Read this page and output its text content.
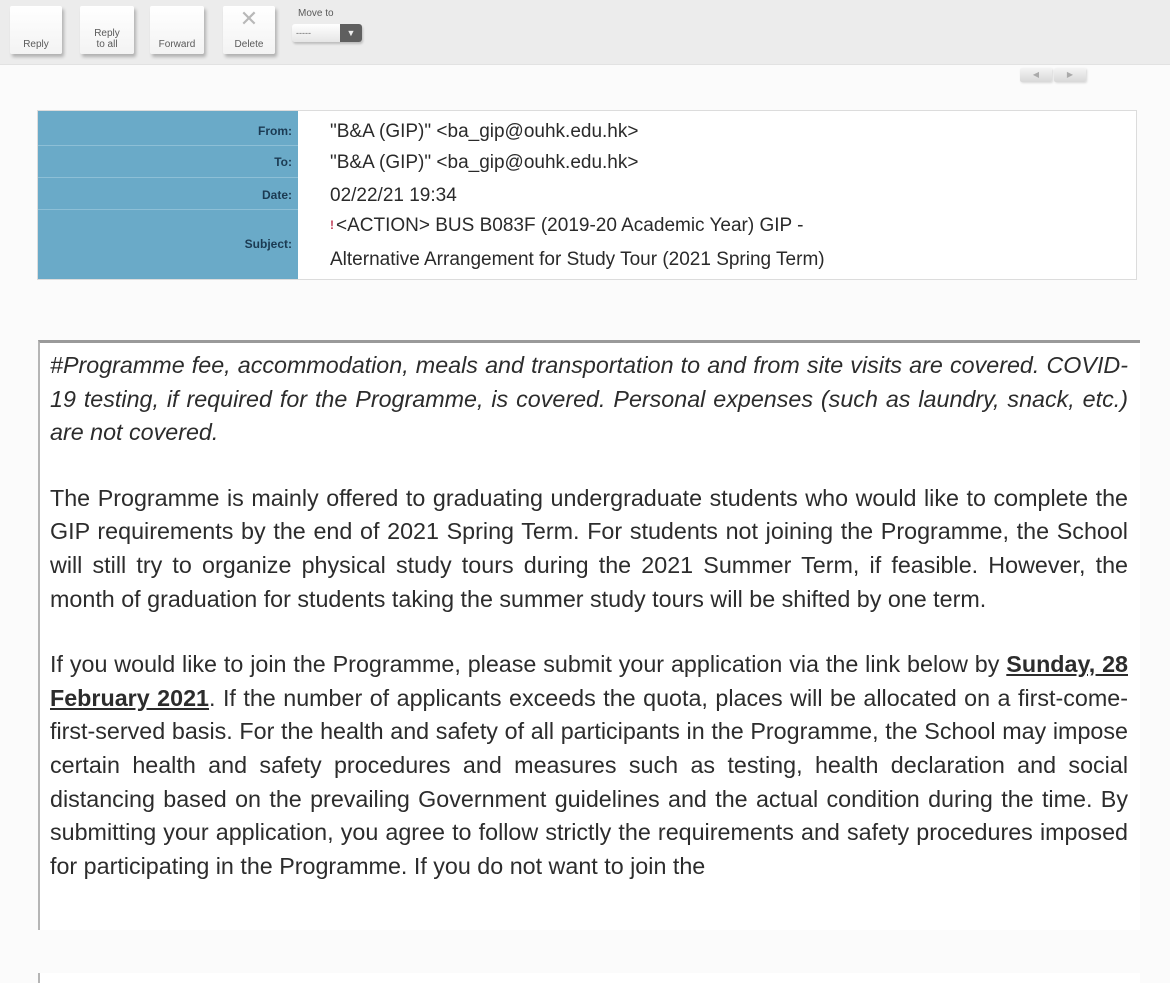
Reply
Reply
to all	Forward
✕
Delete
Move to
-----	▼
◀	▶
From: "B&A (GIP)" <ba_gip@ouhk.edu.hk>
To: "B&A (GIP)" <ba_gip@ouhk.edu.hk>
Date: 02/22/21 19:34
Subject:
! <ACTION> BUS B083F (2019-20 Academic Year) GIP -
Alternative Arrangement for Study Tour (2021 Spring Term)

#Programme fee, accommodation, meals and transportation to and from site visits are covered. COVID-19 testing, if required for the Programme, is covered. Personal expenses (such as laundry, snack, etc.) are not covered.

The Programme is mainly offered to graduating undergraduate students who would like to complete the GIP requirements by the end of 2021 Spring Term. For students not joining the Programme, the School will still try to organize physical study tours during the 2021 Summer Term, if feasible. However, the month of graduation for students taking the summer study tours will be shifted by one term.

If you would like to join the Programme, please submit your application via the link below by Sunday, 28 February 2021. If the number of applicants exceeds the quota, places will be allocated on a first-come-first-served basis. For the health and safety of all participants in the Programme, the School may impose certain health and safety procedures and measures such as testing, health declaration and social distancing based on the prevailing Government guidelines and the actual condition during the time. By submitting your application, you agree to follow strictly the requirements and safety procedures imposed for participating in the Programme. If you do not want to join the
